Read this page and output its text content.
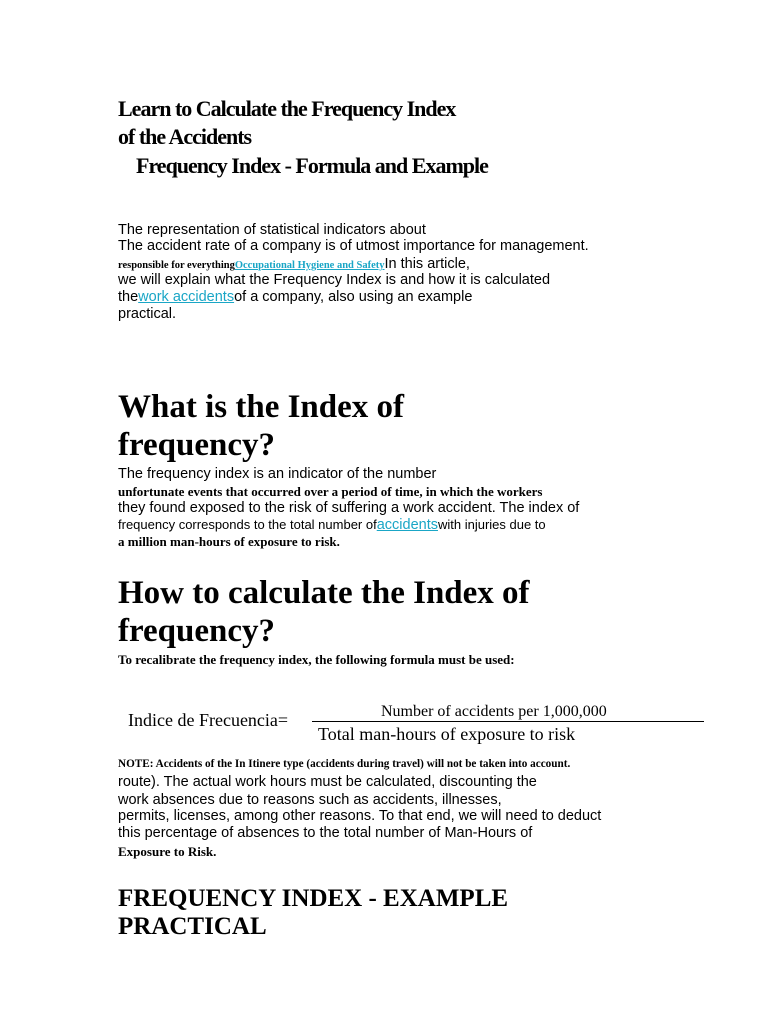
Learn to Calculate the Frequency Index
of the Accidents
Frequency Index - Formula and Example
The representation of statistical indicators about
The accident rate of a company is of utmost importance for management.
responsible for everythingOccupational Hygiene and SafetyIn this article,
we will explain what the Frequency Index is and how it is calculated
thework accidentsof a company, also using an example
practical.
What is the Index of
frequency?
The frequency index is an indicator of the number
unfortunate events that occurred over a period of time, in which the workers
they found exposed to the risk of suffering a work accident. The index of
frequency corresponds to the total number ofaccidentswith injuries due to
a million man-hours of exposure to risk.
How to calculate the Index of
frequency?
To recalibrate the frequency index, the following formula must be used:
Indice de Frecuencia=	Number of accidents per 1,000,000
Total man-hours of exposure to risk
NOTE: Accidents of the In Itinere type (accidents during travel) will not be taken into account.
route). The actual work hours must be calculated, discounting the
work absences due to reasons such as accidents, illnesses,
permits, licenses, among other reasons. To that end, we will need to deduct
this percentage of absences to the total number of Man-Hours of
Exposure to Risk.
FREQUENCY INDEX - EXAMPLE
PRACTICAL
